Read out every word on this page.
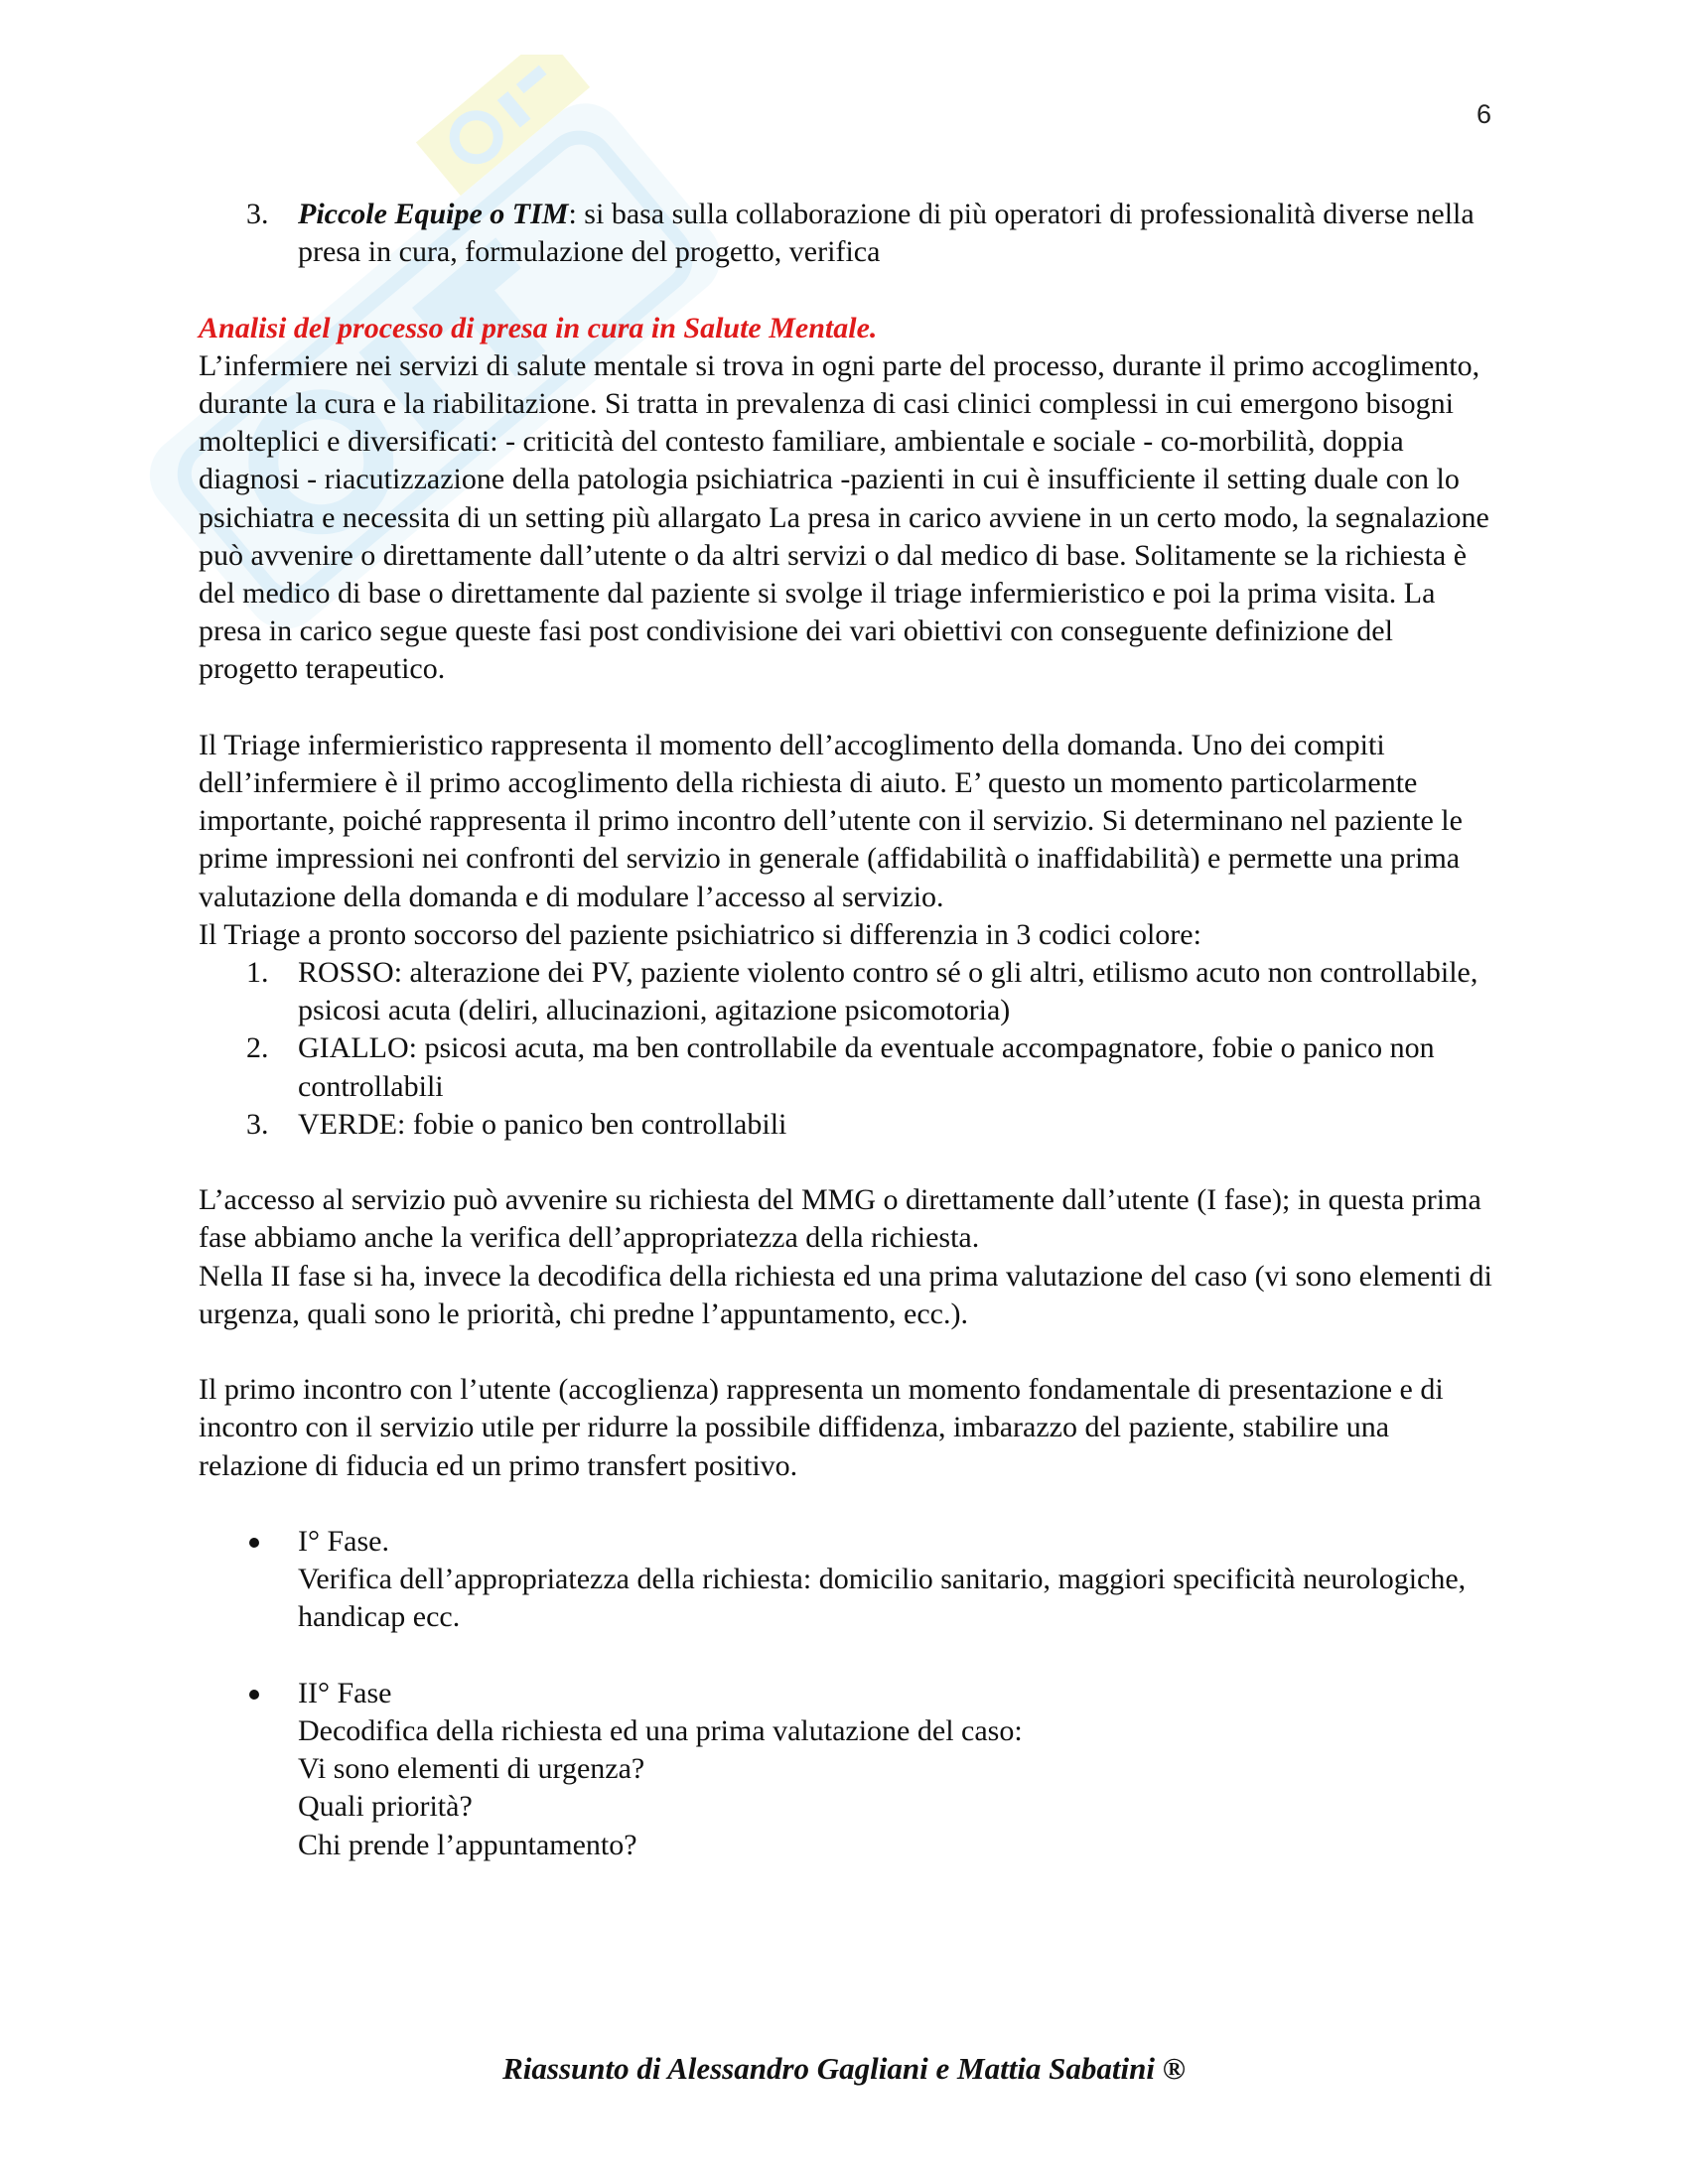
6
3. Piccole Equipe o TIM: si basa sulla collaborazione di più operatori di professionalità diverse nella presa in cura, formulazione del progetto, verifica

Analisi del processo di presa in cura in Salute Mentale.

L’infermiere nei servizi di salute mentale si trova in ogni parte del processo, durante il primo accoglimento, durante la cura e la riabilitazione. Si tratta in prevalenza di casi clinici complessi in cui emergono bisogni molteplici e diversificati: - criticità del contesto familiare, ambientale e sociale - co-morbilità, doppia diagnosi - riacutizzazione della patologia psichiatrica -pazienti in cui è insufficiente il setting duale con lo psichiatra e necessita di un setting più allargato La presa in carico avviene in un certo modo, la segnalazione può avvenire o direttamente dall’utente o da altri servizi o dal medico di base. Solitamente se la richiesta è del medico di base o direttamente dal paziente si svolge il triage infermieristico e poi la prima visita. La presa in carico segue queste fasi post condivisione dei vari obiettivi con conseguente definizione del progetto terapeutico.

Il Triage infermieristico rappresenta il momento dell’accoglimento della domanda. Uno dei compiti dell’infermiere è il primo accoglimento della richiesta di aiuto. E’ questo un momento particolarmente importante, poiché rappresenta il primo incontro dell’utente con il servizio. Si determinano nel paziente le prime impressioni nei confronti del servizio in generale (affidabilità o inaffidabilità) e permette una prima valutazione della domanda e di modulare l’accesso al servizio.

Il Triage a pronto soccorso del paziente psichiatrico si differenzia in 3 codici colore:

1. ROSSO: alterazione dei PV, paziente violento contro sé o gli altri, etilismo acuto non controllabile, psicosi acuta (deliri, allucinazioni, agitazione psicomotoria)
2. GIALLO: psicosi acuta, ma ben controllabile da eventuale accompagnatore, fobie o panico non controllabili
3. VERDE: fobie o panico ben controllabili

L’accesso al servizio può avvenire su richiesta del MMG o direttamente dall’utente (I fase); in questa prima fase abbiamo anche la verifica dell’appropriatezza della richiesta.

Nella II fase si ha, invece la decodifica della richiesta ed una prima valutazione del caso (vi sono elementi di urgenza, quali sono le priorità, chi predne l’appuntamento, ecc.).

Il primo incontro con l’utente (accoglienza) rappresenta un momento fondamentale di presentazione e di incontro con il servizio utile per ridurre la possibile diffidenza, imbarazzo del paziente, stabilire una relazione di fiducia ed un primo transfert positivo.

I° Fase.

Verifica dell’appropriatezza della richiesta: domicilio sanitario, maggiori specificità neurologiche, handicap ecc.

II° Fase

Decodifica della richiesta ed una prima valutazione del caso:

Vi sono elementi di urgenza?

Quali priorità?

Chi prende l’appuntamento?

Riassunto di Alessandro Gagliani e Mattia Sabatini ®
